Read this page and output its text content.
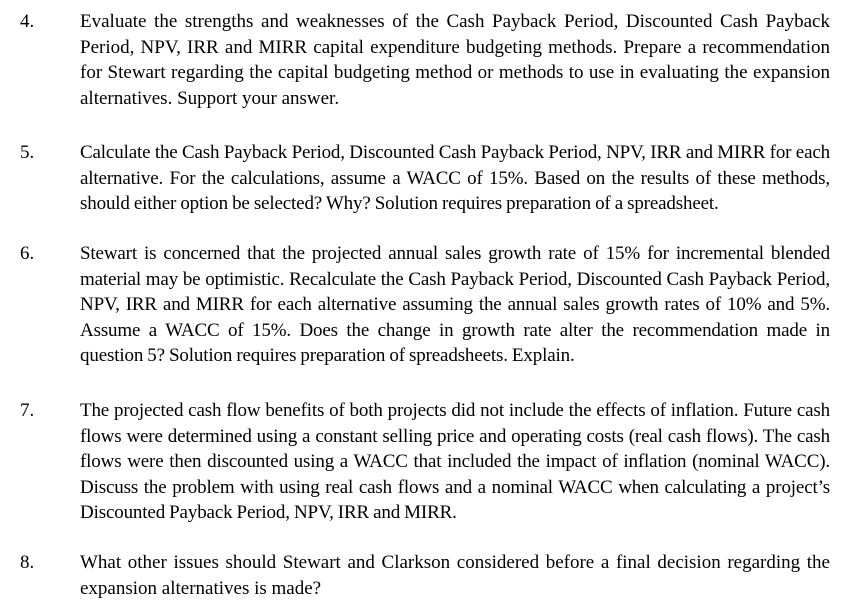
4. Evaluate the strengths and weaknesses of the Cash Payback Period, Discounted Cash Payback Period, NPV, IRR and MIRR capital expenditure budgeting methods. Prepare a recommendation for Stewart regarding the capital budgeting method or methods to use in evaluating the expansion alternatives. Support your answer.

5. Calculate the Cash Payback Period, Discounted Cash Payback Period, NPV, IRR and MIRR for each alternative. For the calculations, assume a WACC of 15%. Based on the results of these methods, should either option be selected? Why? Solution requires preparation of a spreadsheet.

6. Stewart is concerned that the projected annual sales growth rate of 15% for incremental blended material may be optimistic. Recalculate the Cash Payback Period, Discounted Cash Payback Period, NPV, IRR and MIRR for each alternative assuming the annual sales growth rates of 10% and 5%. Assume a WACC of 15%. Does the change in growth rate alter the recommendation made in question 5? Solution requires preparation of spreadsheets. Explain.

7. The projected cash flow benefits of both projects did not include the effects of inflation. Future cash flows were determined using a constant selling price and operating costs (real cash flows). The cash flows were then discounted using a WACC that included the impact of inflation (nominal WACC). Discuss the problem with using real cash flows and a nominal WACC when calculating a project’s Discounted Payback Period, NPV, IRR and MIRR.

8. What other issues should Stewart and Clarkson considered before a final decision regarding the expansion alternatives is made?
